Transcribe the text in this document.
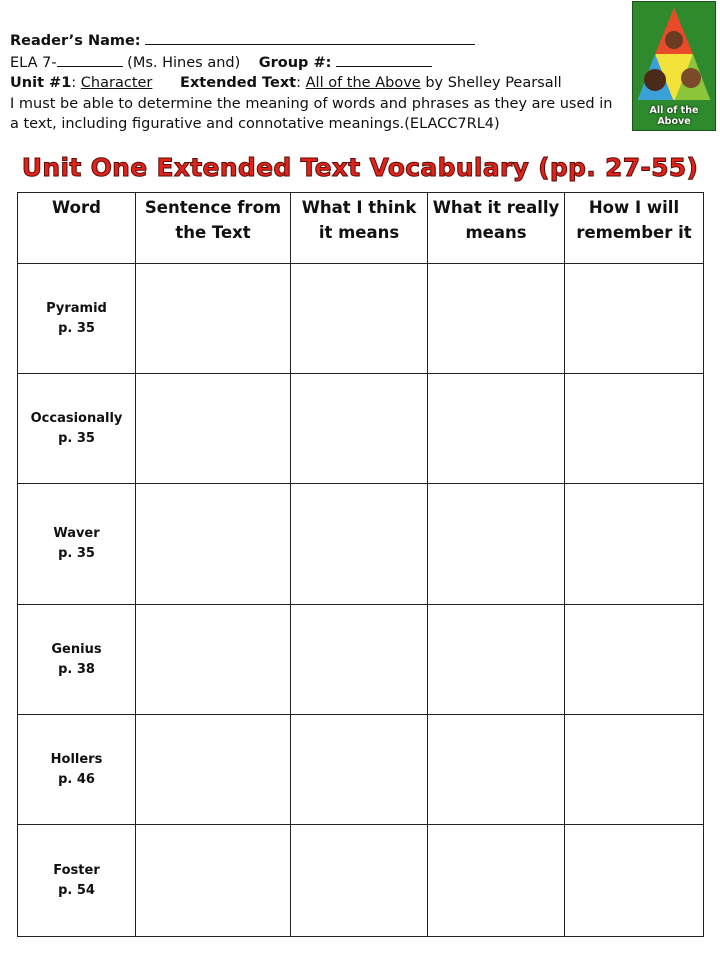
Reader’s Name:
ELA 7-	(Ms. Hines and) Group #:
Unit #1: Character Extended Text: All of the Above by Shelley Pearsall
I must be able to determine the meaning of words and phrases as they are used in a text, including figurative and connotative meanings.(ELACC7RL4)
All of the Above
Unit One Extended Text Vocabulary (pp. 27-55)
Word	Sentence from the Text	What I think it means	What it really means	How I will remember it

Pyramid
p. 35				

Occasionally
p. 35				

Waver
p. 35				

Genius
p. 38				

Hollers
p. 46				

Foster
p. 54				
